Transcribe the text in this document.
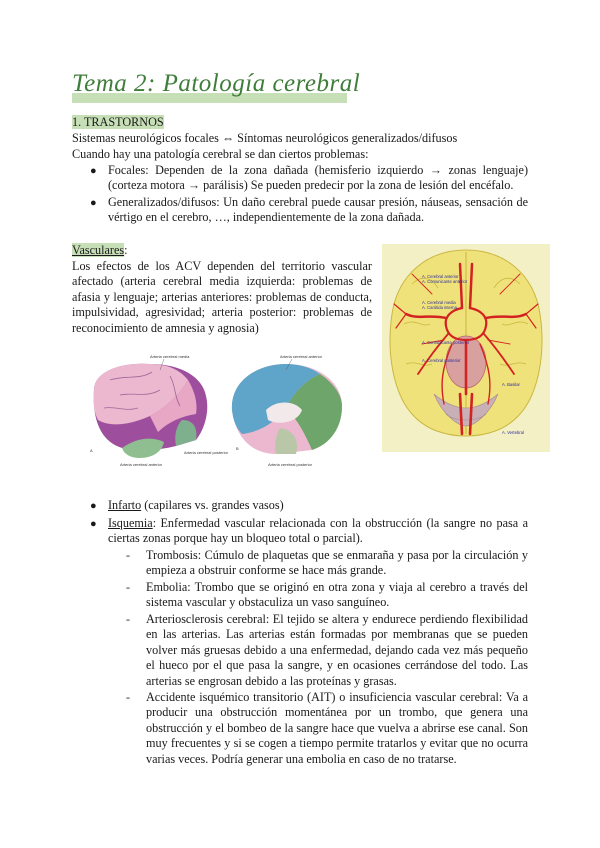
Tema 2: Patología cerebral
1. TRASTORNOS
Sistemas neurológicos focales ⇔ Síntomas neurológicos generalizados/difusos
Cuando hay una patología cerebral se dan ciertos problemas:
● Focales: Dependen de la zona dañada (hemisferio izquierdo → zonas lenguaje) (corteza motora → parálisis) Se pueden predecir por la zona de lesión del encéfalo.
● Generalizados/difusos: Un daño cerebral puede causar presión, náuseas, sensación de vértigo en el cerebro, …, independientemente de la zona dañada.
Vasculares:
Los efectos de los ACV dependen del territorio vascular afectado (arteria cerebral media izquierda: problemas de afasia y lenguaje; arterias anteriores: problemas de conducta, impulsividad, agresividad; arteria posterior: problemas de reconocimiento de amnesia y agnosia)
Arteria cerebral media
Arteria cerebral anterior
Arteria cerebral posterior
A
Arteria cerebral anterior
Arteria cerebral posterior
B
A. Cerebral anterior
A. Comunicante anterior
A. Cerebral media
A. Carótida interna
A. Comunicante posterior
A. Cerebral posterior
A. Basilar
A. Vertebral
● Infarto (capilares vs. grandes vasos)
● Isquemia: Enfermedad vascular relacionada con la obstrucción (la sangre no pasa a ciertas zonas porque hay un bloqueo total o parcial).
- Trombosis: Cúmulo de plaquetas que se enmaraña y pasa por la circulación y empieza a obstruir conforme se hace más grande.
- Embolia: Trombo que se originó en otra zona y viaja al cerebro a través del sistema vascular y obstaculiza un vaso sanguíneo.
- Arteriosclerosis cerebral: El tejido se altera y endurece perdiendo flexibilidad en las arterias. Las arterias están formadas por membranas que se pueden volver más gruesas debido a una enfermedad, dejando cada vez más pequeño el hueco por el que pasa la sangre, y en ocasiones cerrándose del todo. Las arterias se engrosan debido a las proteínas y grasas.
- Accidente isquémico transitorio (AIT) o insuficiencia vascular cerebral: Va a producir una obstrucción momentánea por un trombo, que genera una obstrucción y el bombeo de la sangre hace que vuelva a abrirse ese canal. Son muy frecuentes y si se cogen a tiempo permite tratarlos y evitar que no ocurra varias veces. Podría generar una embolia en caso de no tratarse.
